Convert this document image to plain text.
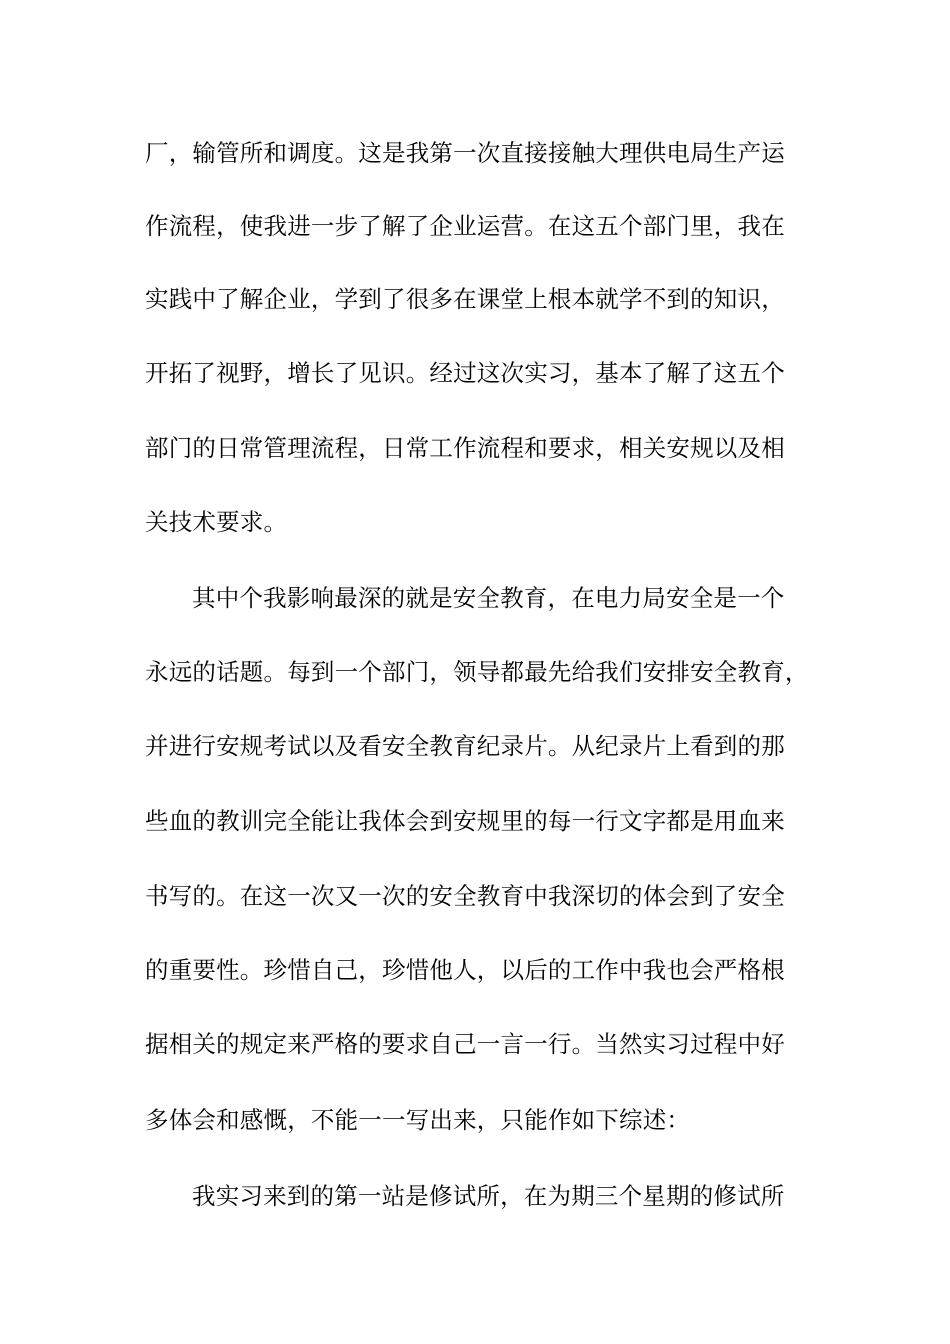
厂，输管所和调度。这是我第一次直接接触大理供电局生产运
作流程，使我进一步了解了企业运营。在这五个部门里，我在
实践中了解企业，学到了很多在课堂上根本就学不到的知识，
开拓了视野，增长了见识。经过这次实习，基本了解了这五个
部门的日常管理流程，日常工作流程和要求，相关安规以及相
关技术要求。
其中个我影响最深的就是安全教育，在电力局安全是一个
永远的话题。每到一个部门，领导都最先给我们安排安全教育，
并进行安规考试以及看安全教育纪录片。从纪录片上看到的那
些血的教训完全能让我体会到安规里的每一行文字都是用血来
书写的。在这一次又一次的安全教育中我深切的体会到了安全
的重要性。珍惜自己，珍惜他人，以后的工作中我也会严格根
据相关的规定来严格的要求自己一言一行。当然实习过程中好
多体会和感慨，不能一一写出来，只能作如下综述：
我实习来到的第一站是修试所，在为期三个星期的修试所
